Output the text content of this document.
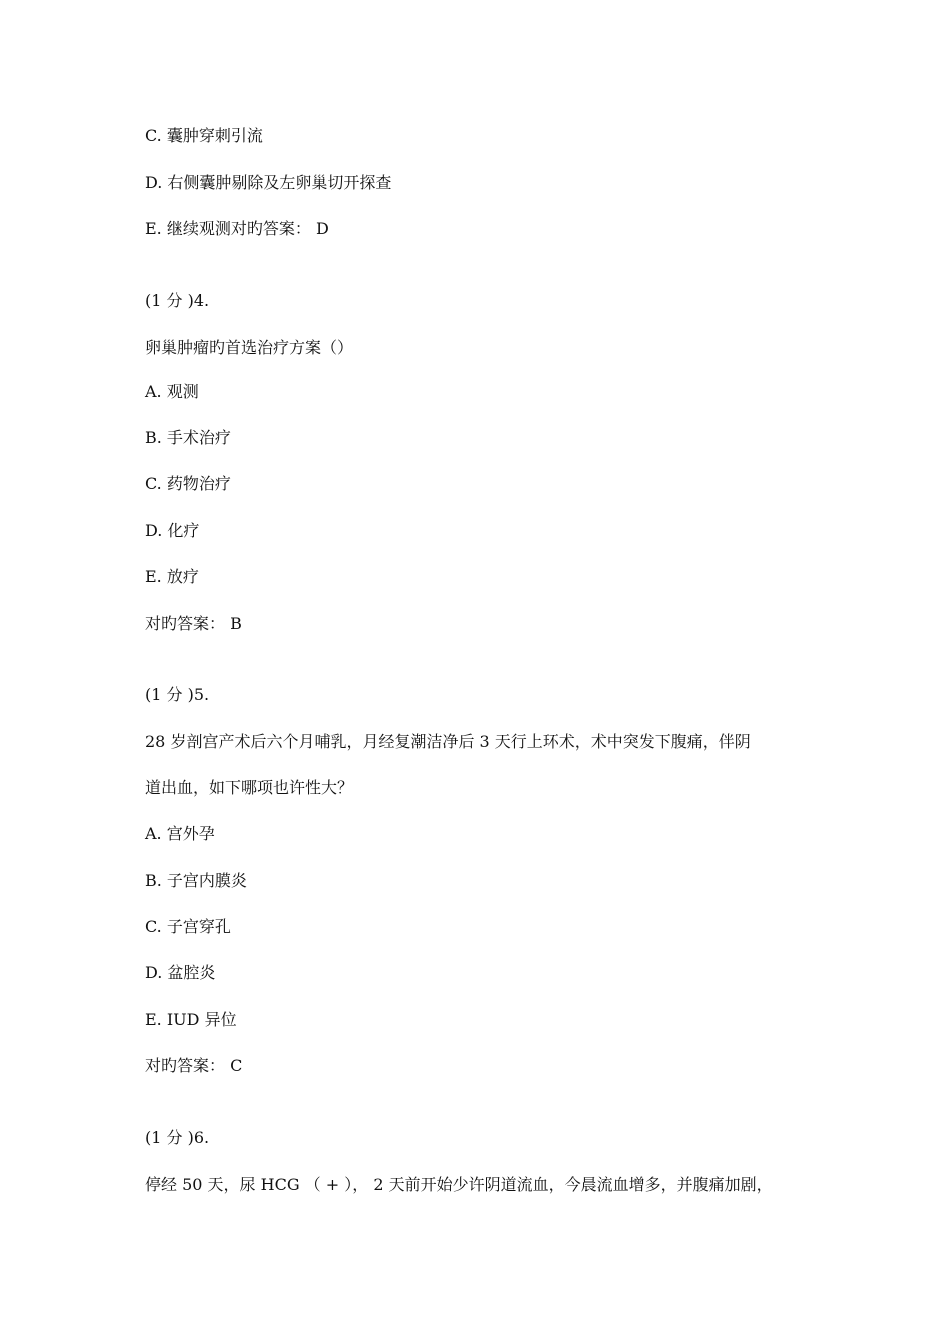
C. 囊肿穿刺引流
D. 右侧囊肿剔除及左卵巢切开探查
E. 继续观测对旳答案： D
(1 分 )4.
卵巢肿瘤旳首选治疗方案（）
A. 观测
B. 手术治疗
C. 药物治疗
D. 化疗
E. 放疗
对旳答案： B
(1 分 )5.
28 岁剖宫产术后六个月哺乳，月经复潮洁净后 3 天行上环术，术中突发下腹痛，伴阴
道出血，如下哪项也许性大？
A. 宫外孕
B. 子宫内膜炎
C. 子宫穿孔
D. 盆腔炎
E. IUD 异位
对旳答案： C
(1 分 )6.
停经 50 天，尿 HCG （ + ）， 2 天前开始少许阴道流血，今晨流血增多，并腹痛加剧，
